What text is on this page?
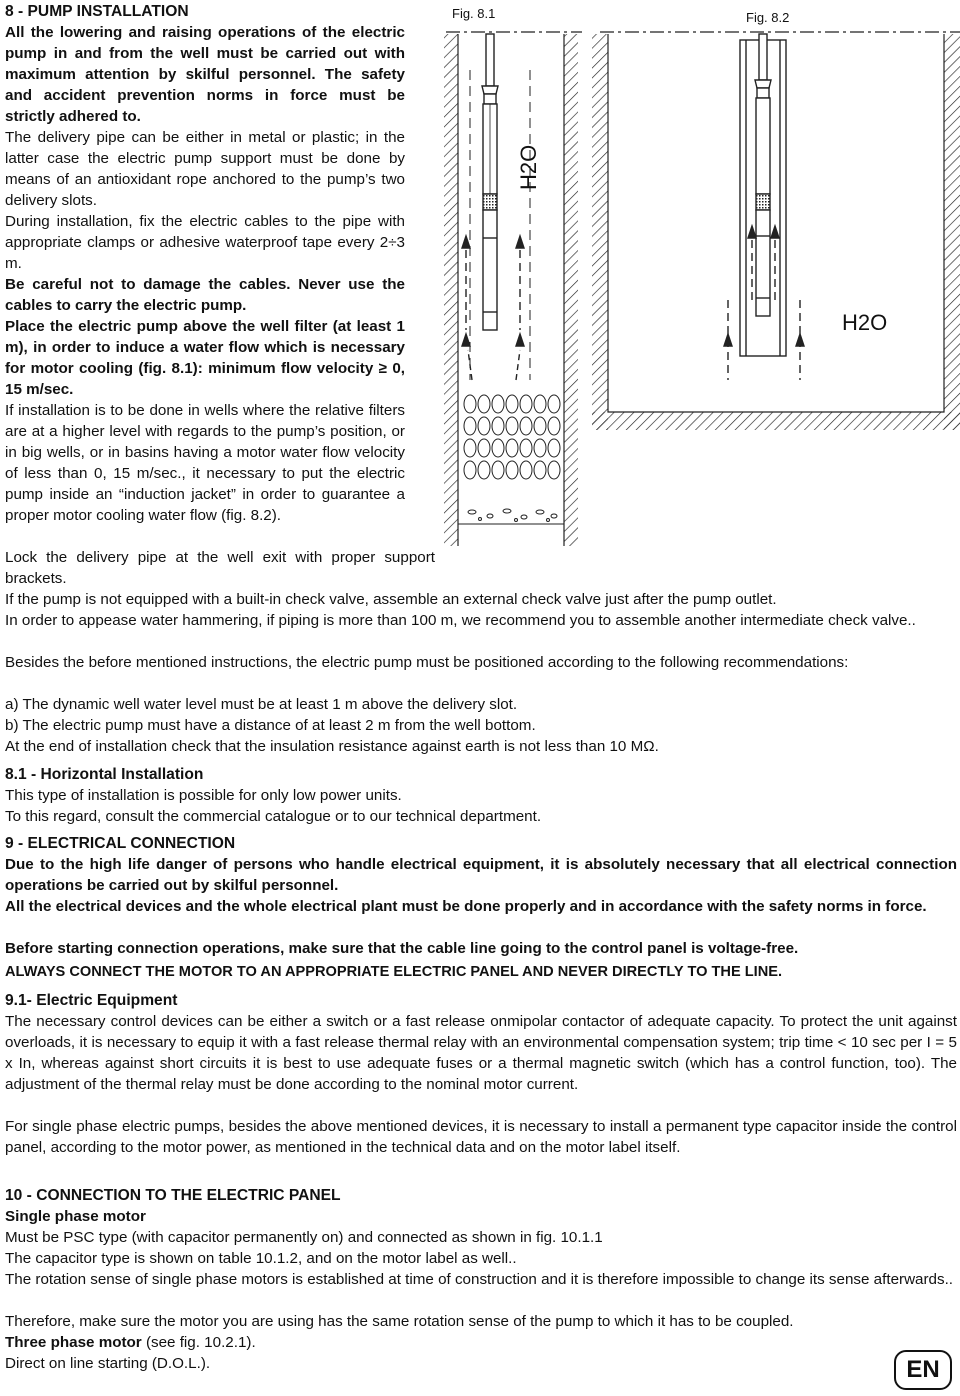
8 - PUMP INSTALLATION
All the lowering and raising operations of the electric pump in and from the well must be carried out with maximum attention by skilful personnel. The safety and accident prevention norms in force must be strictly adhered to.
The delivery pipe can be either in metal or plastic; in the latter case the electric pump support must be done by means of an antioxidant rope anchored to the pump’s two delivery slots.
During installation, fix the electric cables to the pipe with appropriate clamps or adhesive waterproof tape every 2÷3 m.
Be careful not to damage the cables. Never use the cables to carry the electric pump.
Place the electric pump above the well filter (at least 1 m), in order to induce a water flow which is necessary for motor cooling (fig. 8.1): minimum flow velocity ≥ 0, 15 m/sec.
If installation is to be done in wells where the relative filters are at a higher level with regards to the pump’s position, or in big wells, or in basins having a motor water flow velocity of less than 0, 15 m/sec., it necessary to put the electric pump inside an “induction jacket” in order to guarantee a proper motor cooling water flow (fig. 8.2).
Lock the delivery pipe at the well exit with proper support brackets.
If the pump is not equipped with a built-in check valve, assemble an external check valve just after the pump outlet.
In order to appease water hammering, if piping is more than 100 m, we recommend you to assemble another intermediate check valve..
Besides the before mentioned instructions, the electric pump must be positioned according to the following recommendations:
a) The dynamic well water level must be at least 1 m above the delivery slot.
b) The electric pump must have a distance of at least 2 m from the well bottom.
At the end of installation check that the insulation resistance against earth is not less than 10 MΩ.
8.1 - Horizontal Installation
This type of installation is possible for only low power units.
To this regard, consult the commercial catalogue or to our technical department.
9 - ELECTRICAL CONNECTION
Due to the high life danger of persons who handle electrical equipment, it is absolutely necessary that all electrical connection operations be carried out by skilful personnel.
All the electrical devices and the whole electrical plant must be done properly and in accordance with the safety norms in force.
Before starting connection operations, make sure that the cable line going to the control panel is voltage-free.
ALWAYS CONNECT THE MOTOR TO AN APPROPRIATE ELECTRIC PANEL AND NEVER DIRECTLY TO THE LINE.
9.1- Electric Equipment
The necessary control devices can be either a switch or a fast release onmipolar contactor of adequate capacity. To protect the unit against overloads, it is necessary to equip it with a fast release thermal relay with an environmental compensation system; trip time < 10 sec per I = 5 x In, whereas against short circuits it is best to use adequate fuses or a thermal magnetic switch (which has a control function, too). The adjustment of the thermal relay must be done according to the nominal motor current.
For single phase electric pumps, besides the above mentioned devices, it is necessary to install a permanent type capacitor inside the control panel, according to the motor power, as mentioned in the technical data and on the motor label itself.
10 - CONNECTION TO THE ELECTRIC PANEL
Single phase motor
Must be PSC type (with capacitor permanently on) and connected as shown in fig. 10.1.1
The capacitor type is shown on table 10.1.2, and on the motor label as well..
The rotation sense of single phase motors is established at time of construction and it is therefore impossible to change its sense afterwards..
Therefore, make sure the motor you are using has the same rotation sense of the pump to which it has to be coupled.
Three phase motor (see fig. 10.2.1).
Direct on line starting (D.O.L.).	EN
Fig. 8.1
H2O
Fig. 8.2
H2O
